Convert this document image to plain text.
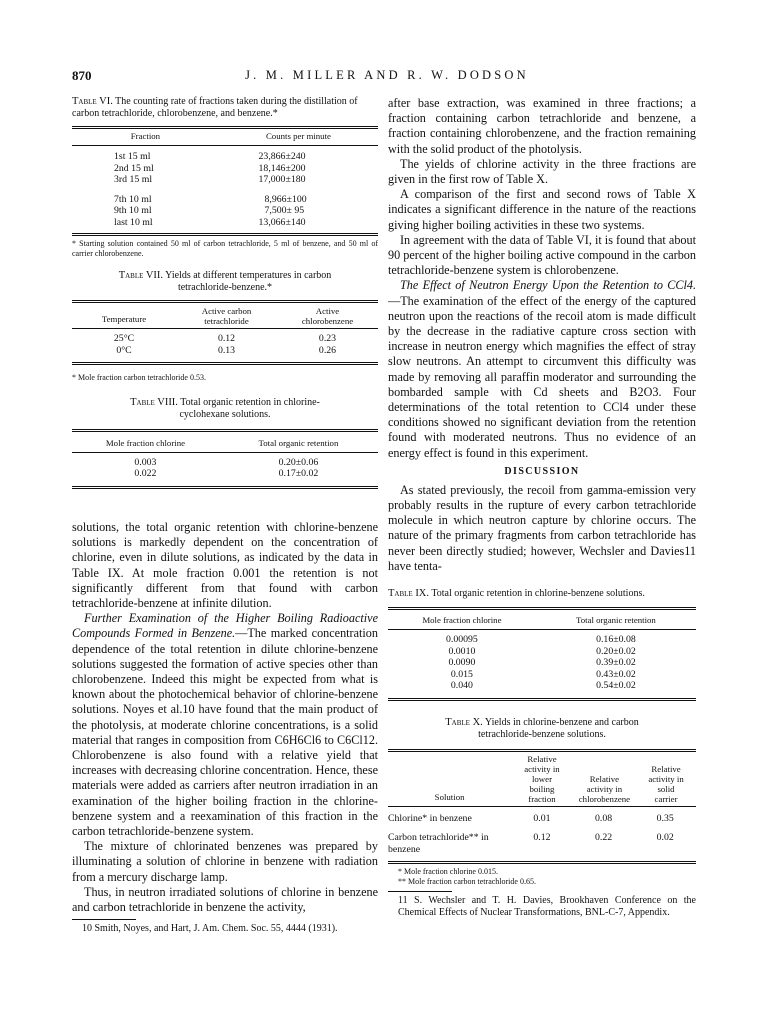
870	J. M. MILLER AND R. W. DODSON
Table VI. The counting rate of fractions taken during the distillation of carbon tetrachloride, chlorobenzene, and benzene.*
Fraction	Counts per minute
1st 15 ml	23,866±240
2nd 15 ml	18,146±200
3rd 15 ml	17,000±180

7th 10 ml	8,966±100
9th 10 ml	7,500± 95
last 10 ml	13,066±140
* Starting solution contained 50 ml of carbon tetrachloride, 5 ml of benzene, and 50 ml of carrier chlorobenzene.
Table VII. Yields at different temperatures in carbon tetrachloride-benzene.*
Temperature	Active carbon tetrachloride	Active chlorobenzene
25°C	0.12	0.23
0°C	0.13	0.26
* Mole fraction carbon tetrachloride 0.53.
Table VIII. Total organic retention in chlorine-cyclohexane solutions.
Mole fraction chlorine	Total organic retention
0.003	0.20±0.06
0.022	0.17±0.02

solutions, the total organic retention with chlorine-benzene solutions is markedly dependent on the concentration of chlorine, even in dilute solutions, as indicated by the data in Table IX. At mole fraction 0.001 the retention is not significantly different from that found with carbon tetrachloride-benzene at infinite dilution.

Further Examination of the Higher Boiling Radioactive Compounds Formed in Benzene.—The marked concentration dependence of the total retention in dilute chlorine-benzene solutions suggested the formation of active species other than chlorobenzene. Indeed this might be expected from what is known about the photochemical behavior of chlorine-benzene solutions. Noyes et al.10 have found that the main product of the photolysis, at moderate chlorine concentrations, is a solid material that ranges in composition from C6H6Cl6 to C6Cl12. Chlorobenzene is also found with a relative yield that increases with decreasing chlorine concentration. Hence, these materials were added as carriers after neutron irradiation in an examination of the higher boiling fraction in the chlorine-benzene system and a reexamination of this fraction in the carbon tetrachloride-benzene system.

The mixture of chlorinated benzenes was prepared by illuminating a solution of chlorine in benzene with radiation from a mercury discharge lamp.

Thus, in neutron irradiated solutions of chlorine in benzene and carbon tetrachloride in benzene the activity,

10 Smith, Noyes, and Hart, J. Am. Chem. Soc. 55, 4444 (1931).

after base extraction, was examined in three fractions; a fraction containing carbon tetrachloride and benzene, a fraction containing chlorobenzene, and the fraction remaining with the solid product of the photolysis.

The yields of chlorine activity in the three fractions are given in the first row of Table X.

A comparison of the first and second rows of Table X indicates a significant difference in the nature of the reactions giving higher boiling activities in these two systems.

In agreement with the data of Table VI, it is found that about 90 percent of the higher boiling active compound in the carbon tetrachloride-benzene system is chlorobenzene.

The Effect of Neutron Energy Upon the Retention to CCl4.—The examination of the effect of the energy of the captured neutron upon the reactions of the recoil atom is made difficult by the decrease in the radiative capture cross section with increase in neutron energy which magnifies the effect of stray slow neutrons. An attempt to circumvent this difficulty was made by removing all paraffin moderator and surrounding the bombarded sample with Cd sheets and B2O3. Four determinations of the total retention to CCl4 under these conditions showed no significant deviation from the retention found with moderated neutrons. Thus no evidence of an energy effect is found in this experiment.

DISCUSSION

As stated previously, the recoil from gamma-emission very probably results in the rupture of every carbon tetrachloride molecule in which neutron capture by chlorine occurs. The nature of the primary fragments from carbon tetrachloride has never been directly studied; however, Wechsler and Davies11 have tenta-

Table IX. Total organic retention in chlorine-benzene solutions.
Mole fraction chlorine	Total organic retention
0.00095	0.16±0.08
0.0010	0.20±0.02
0.0090	0.39±0.02
0.015	0.43±0.02
0.040	0.54±0.02
Table X. Yields in chlorine-benzene and carbon tetrachloride-benzene solutions.
Solution	Relative activity in lower boiling fraction	Relative activity in chlorobenzene	Relative activity in solid carrier
Chlorine* in benzene	0.01	0.08	0.35

Carbon tetrachloride** in benzene	0.12	0.22	0.02
* Mole fraction chlorine 0.015.
** Mole fraction carbon tetrachloride 0.65.
11 S. Wechsler and T. H. Davies, Brookhaven Conference on the Chemical Effects of Nuclear Transformations, BNL-C-7, Appendix.
